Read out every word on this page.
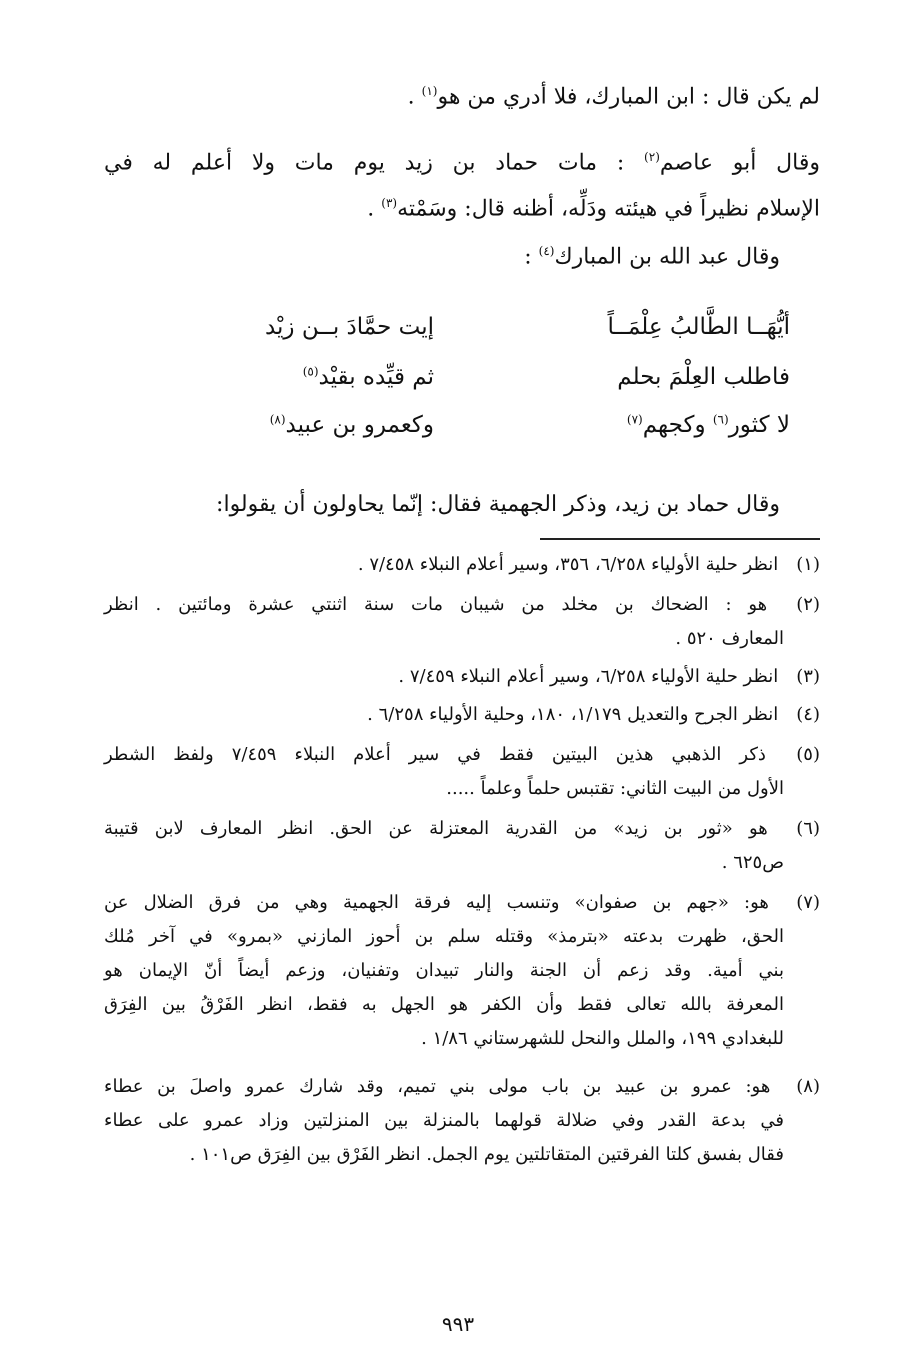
لم يكن قال : ابن المبارك، فلا أدري من هو$^{(١)}$ .
وقال أبو عاصم$^{(٢)}$ : مات حماد بن زيد يوم مات ولا أعلم له في
الإسلام نظيراً في هيئته ودَلِّه، أظنه قال: وسَمْته$^{(٣)}$ .
وقال عبد الله بن المبارك$^{(٤)}$ :
أيُّهَــا الطَّالبُ عِلْمَــاً
إيت حمَّادَ بــن زيْد
فاطلب العِلْمَ بحلم
ثم قيِّده بقيْد$^{(٥)}$
لا كثور$^{(٦)}$ وكجهم$^{(٧)}$
وكعمرو بن عبيد$^{(٨)}$
وقال حماد بن زيد، وذكر الجهمية فقال: إنّما يحاولون أن يقولوا:
(١) انظر حلية الأولياء ٦/٢٥٨، ٣٥٦، وسير أعلام النبلاء ٧/٤٥٨ .
(٢) هو : الضحاك بن مخلد من شيبان مات سنة اثنتي عشرة ومائتين . انظر
المعارف ٥٢٠ .
(٣) انظر حلية الأولياء ٦/٢٥٨، وسير أعلام النبلاء ٧/٤٥٩ .
(٤) انظر الجرح والتعديل ١/١٧٩، ١٨٠، وحلية الأولياء ٦/٢٥٨ .
(٥) ذكر الذهبي هذين البيتين فقط في سير أعلام النبلاء ٧/٤٥٩ ولفظ الشطر
الأول من البيت الثاني: تقتبس حلماً وعلماً .....
(٦) هو «ثور بن زيد» من القدرية المعتزلة عن الحق. انظر المعارف لابن قتيبة
ص٦٢٥ .
(٧) هو: «جهم بن صفوان» وتنسب إليه فرقة الجهمية وهي من فرق الضلال عن
الحق، ظهرت بدعته «بترمذ» وقتله سلم بن أحوز المازني «بمرو» في آخر مُلك
بني أمية. وقد زعم أن الجنة والنار تبيدان وتفنيان، وزعم أيضاً أنّ الإيمان هو
المعرفة بالله تعالى فقط وأن الكفر هو الجهل به فقط، انظر الفَرْقُ بين الفِرَق
للبغدادي ١٩٩، والملل والنحل للشهرستاني ١/٨٦ .
(٨) هو: عمرو بن عبيد بن باب مولى بني تميم، وقد شارك عمرو واصلَ بن عطاء
في بدعة القدر وفي ضلالة قولهما بالمنزلة بين المنزلتين وزاد عمرو على عطاء
فقال بفسق كلتا الفرقتين المتقاتلتين يوم الجمل. انظر الفَرْق بين الفِرَق ص١٠١ .
٩٩٣
